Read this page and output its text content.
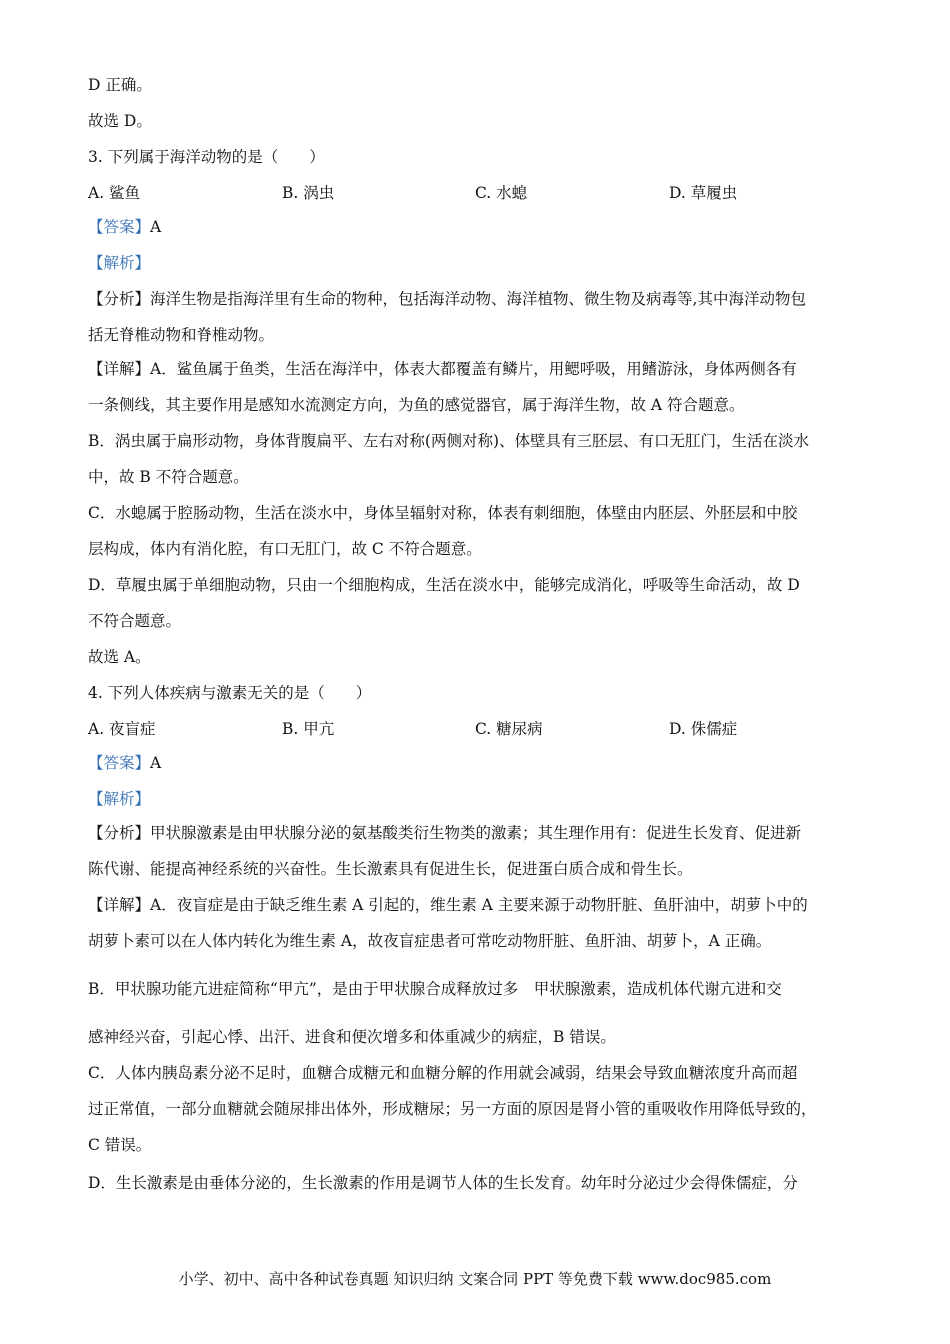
D 正确。
故选 D。
3. 下列属于海洋动物的是（　　）
A. 鲨鱼	B. 涡虫	C. 水螅	D. 草履虫
【答案】A
【解析】
【分析】海洋生物是指海洋里有生命的物种，包括海洋动物、海洋植物、微生物及病毒等,其中海洋动物包
括无脊椎动物和脊椎动物。
【详解】A．鲨鱼属于鱼类，生活在海洋中，体表大都覆盖有鳞片，用鳃呼吸，用鳍游泳，身体两侧各有
一条侧线，其主要作用是感知水流测定方向，为鱼的感觉器官，属于海洋生物，故 A 符合题意。
B．涡虫属于扁形动物，身体背腹扁平、左右对称(两侧对称)、体壁具有三胚层、有口无肛门，生活在淡水
中，故 B 不符合题意。
C．水螅属于腔肠动物，生活在淡水中，身体呈辐射对称，体表有刺细胞，体壁由内胚层、外胚层和中胶
层构成，体内有消化腔，有口无肛门，故 C 不符合题意。
D．草履虫属于单细胞动物，只由一个细胞构成，生活在淡水中，能够完成消化，呼吸等生命活动，故 D
不符合题意。
故选 A。
4. 下列人体疾病与激素无关的是（　　）
A. 夜盲症	B. 甲亢	C. 糖尿病	D. 侏儒症
【答案】A
【解析】
【分析】甲状腺激素是由甲状腺分泌的氨基酸类衍生物类的激素；其生理作用有：促进生长发育、促进新
陈代谢、能提高神经系统的兴奋性。生长激素具有促进生长，促进蛋白质合成和骨生长。
【详解】A．夜盲症是由于缺乏维生素 A 引起的，维生素 A 主要来源于动物肝脏、鱼肝油中，胡萝卜中的
胡萝卜素可以在人体内转化为维生素 A，故夜盲症患者可常吃动物肝脏、鱼肝油、胡萝卜，A 正确。
B．甲状腺功能亢进症简称“甲亢”，是由于甲状腺合成释放过多　甲状腺激素，造成机体代谢亢进和交
感神经兴奋，引起心悸、出汗、进食和便次增多和体重减少的病症，B 错误。
C．人体内胰岛素分泌不足时，血糖合成糖元和血糖分解的作用就会减弱，结果会导致血糖浓度升高而超
过正常值，一部分血糖就会随尿排出体外，形成糖尿；另一方面的原因是肾小管的重吸收作用降低导致的，
C 错误。
D．生长激素是由垂体分泌的，生长激素的作用是调节人体的生长发育。幼年时分泌过少会得侏儒症，分
小学、初中、高中各种试卷真题 知识归纳 文案合同 PPT 等免费下载 www.doc985.com
